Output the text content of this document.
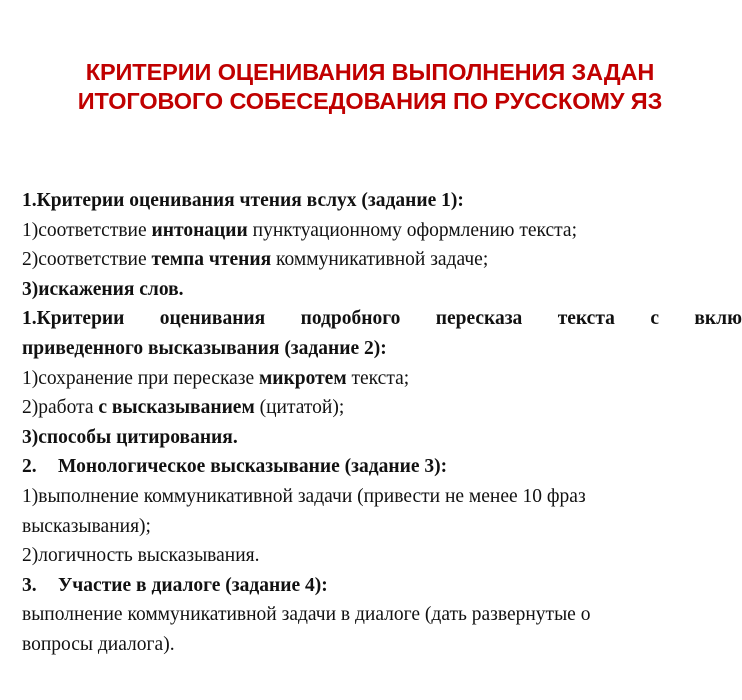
КРИТЕРИИ ОЦЕНИВАНИЯ ВЫПОЛНЕНИЯ ЗАДАН
ИТОГОВОГО СОБЕСЕДОВАНИЯ ПО РУССКОМУ ЯЗ
1.Критерии оценивания чтения вслух (задание 1):
1)соответствие интонации пунктуационному оформлению текста;
2)соответствие темпа чтения коммуникативной задаче;
3)искажения слов.
1.Критерии оценивания подробного пересказа текста с вклю
приведенного высказывания (задание 2):
1)сохранение при пересказе микротем текста;
2)работа с высказыванием (цитатой);
3)способы цитирования.
2. Монологическое высказывание (задание 3):
1)выполнение коммуникативной задачи (привести не менее 10 фраз
высказывания);
2)логичность высказывания.
3. Участие в диалоге (задание 4):
выполнение коммуникативной задачи в диалоге (дать развернутые о
вопросы диалога).
